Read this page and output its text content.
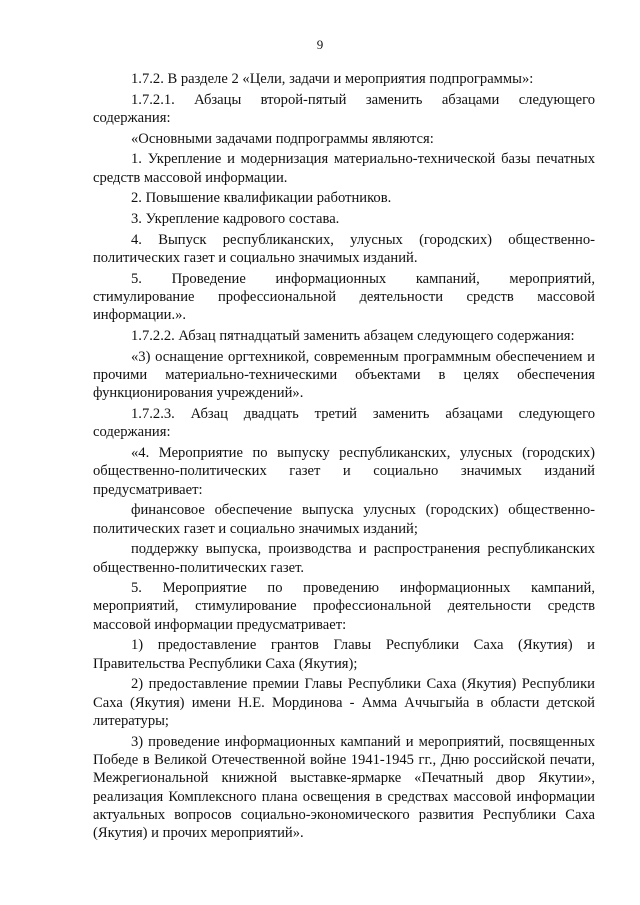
9

1.7.2. В разделе 2 «Цели, задачи и мероприятия подпрограммы»:

1.7.2.1. Абзацы второй-пятый заменить абзацами следующего содержания:

«Основными задачами подпрограммы являются:

1. Укрепление и модернизация материально-технической базы печатных средств массовой информации.

2. Повышение квалификации работников.

3. Укрепление кадрового состава.

4. Выпуск республиканских, улусных (городских) общественно-политических газет и социально значимых изданий.

5. Проведение информационных кампаний, мероприятий, стимулирование профессиональной деятельности средств массовой информации.».

1.7.2.2. Абзац пятнадцатый заменить абзацем следующего содержания:

«3) оснащение оргтехникой, современным программным обеспечением и прочими материально-техническими объектами в целях обеспечения функционирования учреждений».

1.7.2.3. Абзац двадцать третий заменить абзацами следующего содержания:

«4. Мероприятие по выпуску республиканских, улусных (городских) общественно-политических газет и социально значимых изданий предусматривает:

финансовое обеспечение выпуска улусных (городских) общественно-политических газет и социально значимых изданий;

поддержку выпуска, производства и распространения республиканских общественно-политических газет.

5. Мероприятие по проведению информационных кампаний, мероприятий, стимулирование профессиональной деятельности средств массовой информации предусматривает:

1) предоставление грантов Главы Республики Саха (Якутия) и Правительства Республики Саха (Якутия);

2) предоставление премии Главы Республики Саха (Якутия) Республики Саха (Якутия) имени Н.Е. Мординова - Амма Аччыгыйа в области детской литературы;

3) проведение информационных кампаний и мероприятий, посвященных Победе в Великой Отечественной войне 1941-1945 гг., Дню российской печати, Межрегиональной книжной выставке-ярмарке «Печатный двор Якутии», реализация Комплексного плана освещения в средствах массовой информации актуальных вопросов социально-экономического развития Республики Саха (Якутия) и прочих мероприятий».
